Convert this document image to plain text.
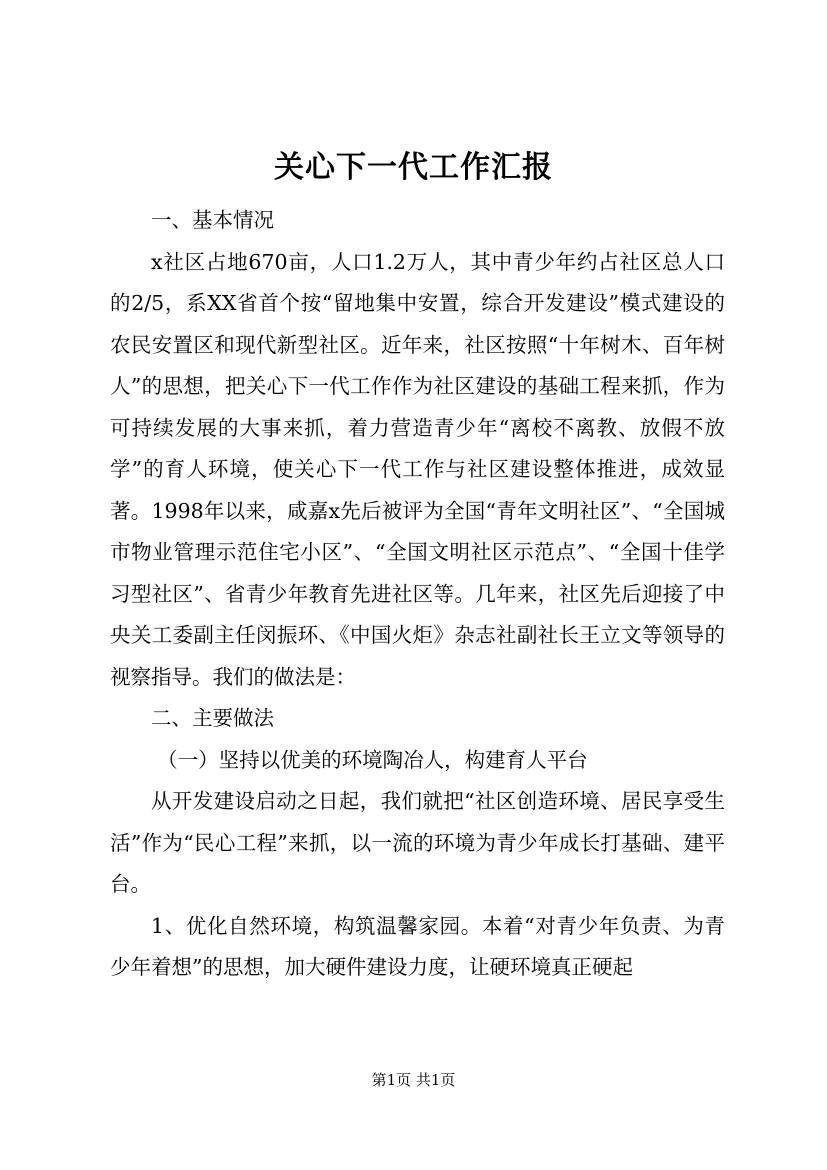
关心下一代工作汇报

一、基本情况

x社区占地670亩，人口1.2万人，其中青少年约占社区总人口的2/5，系XX省首个按“留地集中安置，综合开发建设”模式建设的农民安置区和现代新型社区。近年来，社区按照“十年树木、百年树人”的思想，把关心下一代工作作为社区建设的基础工程来抓，作为可持续发展的大事来抓，着力营造青少年“离校不离教、放假不放学”的育人环境，使关心下一代工作与社区建设整体推进，成效显著。1998年以来，咸嘉x先后被评为全国“青年文明社区”、“全国城市物业管理示范住宅小区”、“全国文明社区示范点”、“全国十佳学习型社区”、省青少年教育先进社区等。几年来，社区先后迎接了中央关工委副主任闵振环、《中国火炬》杂志社副社长王立文等领导的视察指导。我们的做法是：

二、主要做法

（一）坚持以优美的环境陶冶人，构建育人平台

从开发建设启动之日起，我们就把“社区创造环境、居民享受生活”作为“民心工程”来抓，以一流的环境为青少年成长打基础、建平台。

1、优化自然环境，构筑温馨家园。本着“对青少年负责、为青少年着想”的思想，加大硬件建设力度，让硬环境真正硬起

第1页 共1页
